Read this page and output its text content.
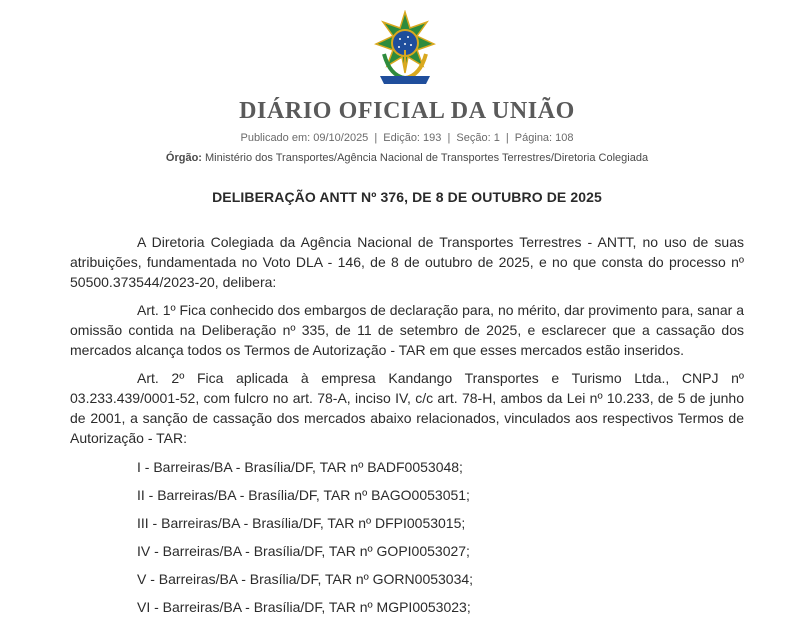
DIÁRIO OFICIAL DA UNIÃO
Publicado em: 09/10/2025 | Edição: 193 | Seção: 1 | Página: 108
Órgão: Ministério dos Transportes/Agência Nacional de Transportes Terrestres/Diretoria Colegiada
DELIBERAÇÃO ANTT Nº 376, DE 8 DE OUTUBRO DE 2025

A Diretoria Colegiada da Agência Nacional de Transportes Terrestres - ANTT, no uso de suas atribuições, fundamentada no Voto DLA - 146, de 8 de outubro de 2025, e no que consta do processo nº 50500.373544/2023-20, delibera:

Art. 1º Fica conhecido dos embargos de declaração para, no mérito, dar provimento para, sanar a omissão contida na Deliberação nº 335, de 11 de setembro de 2025, e esclarecer que a cassação dos mercados alcança todos os Termos de Autorização - TAR em que esses mercados estão inseridos.

Art. 2º Fica aplicada à empresa Kandango Transportes e Turismo Ltda., CNPJ nº 03.233.439/0001-52, com fulcro no art. 78-A, inciso IV, c/c art. 78-H, ambos da Lei nº 10.233, de 5 de junho de 2001, a sanção de cassação dos mercados abaixo relacionados, vinculados aos respectivos Termos de Autorização - TAR:

I - Barreiras/BA - Brasília/DF, TAR nº BADF0053048;
II - Barreiras/BA - Brasília/DF, TAR nº BAGO0053051;
III - Barreiras/BA - Brasília/DF, TAR nº DFPI0053015;
IV - Barreiras/BA - Brasília/DF, TAR nº GOPI0053027;
V - Barreiras/BA - Brasília/DF, TAR nº GORN0053034;
VI - Barreiras/BA - Brasília/DF, TAR nº MGPI0053023;
